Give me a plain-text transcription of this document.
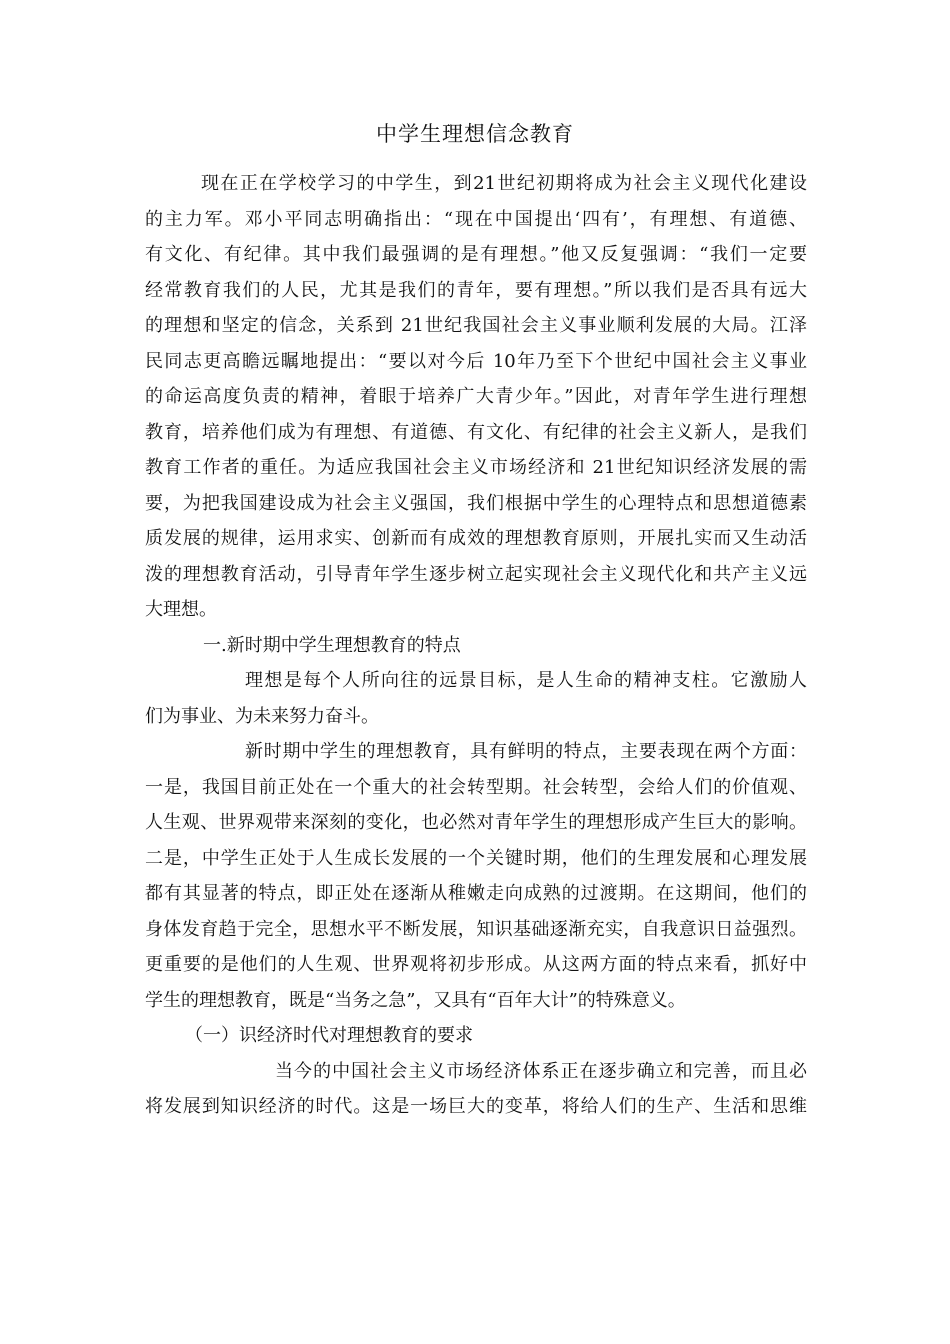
中学生理想信念教育
现在正在学校学习的中学生，到21世纪初期将成为社会主义现代化建设
的主力军。邓小平同志明确指出：“现在中国提出‘四有’，有理想、有道德、
有文化、有纪律。其中我们最强调的是有理想。”他又反复强调：“我们一定要
经常教育我们的人民，尤其是我们的青年，要有理想。”所以我们是否具有远大
的理想和坚定的信念，关系到 21世纪我国社会主义事业顺利发展的大局。江泽
民同志更高瞻远瞩地提出：“要以对今后 10年乃至下个世纪中国社会主义事业
的命运高度负责的精神，着眼于培养广大青少年。”因此，对青年学生进行理想
教育，培养他们成为有理想、有道德、有文化、有纪律的社会主义新人，是我们
教育工作者的重任。为适应我国社会主义市场经济和 21世纪知识经济发展的需
要，为把我国建设成为社会主义强国，我们根据中学生的心理特点和思想道德素
质发展的规律，运用求实、创新而有成效的理想教育原则，开展扎实而又生动活
泼的理想教育活动，引导青年学生逐步树立起实现社会主义现代化和共产主义远
大理想。
一.新时期中学生理想教育的特点
理想是每个人所向往的远景目标，是人生命的精神支柱。它激励人
们为事业、为未来努力奋斗。
新时期中学生的理想教育，具有鲜明的特点，主要表现在两个方面：
一是，我国目前正处在一个重大的社会转型期。社会转型，会给人们的价值观、
人生观、世界观带来深刻的变化，也必然对青年学生的理想形成产生巨大的影响。
二是，中学生正处于人生成长发展的一个关键时期，他们的生理发展和心理发展
都有其显著的特点，即正处在逐渐从稚嫩走向成熟的过渡期。在这期间，他们的
身体发育趋于完全，思想水平不断发展，知识基础逐渐充实，自我意识日益强烈。
更重要的是他们的人生观、世界观将初步形成。从这两方面的特点来看，抓好中
学生的理想教育，既是“当务之急”，又具有“百年大计”的特殊意义。
（一）识经济时代对理想教育的要求
当今的中国社会主义市场经济体系正在逐步确立和完善，而且必
将发展到知识经济的时代。这是一场巨大的变革，将给人们的生产、生活和思维
